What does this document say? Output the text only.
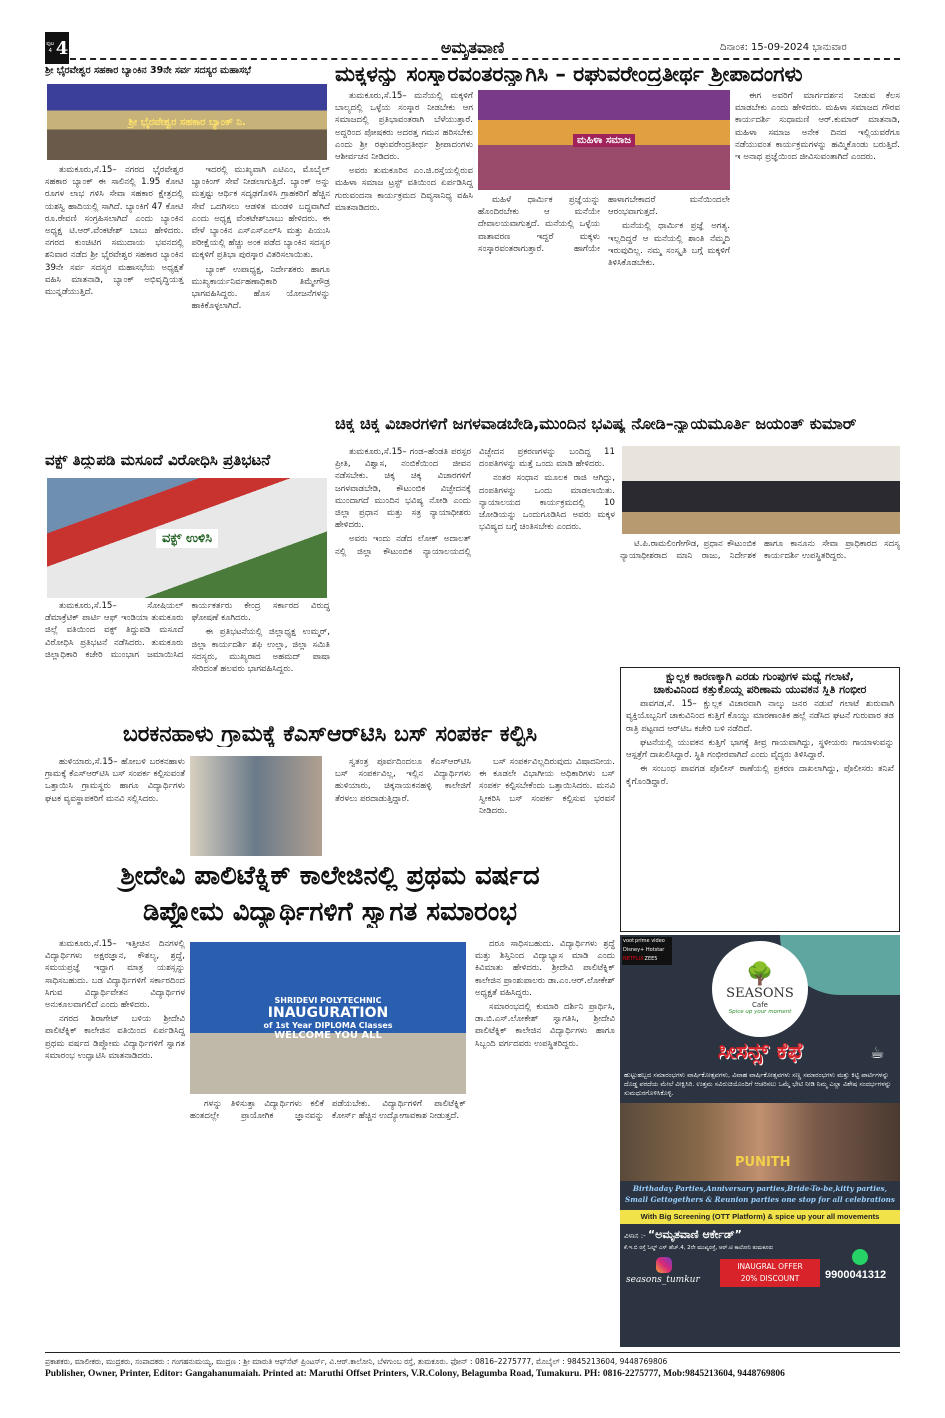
ಪುಟ 4 4	ಅಮೃತವಾಣಿ	ದಿನಾಂಕ: 15-09-2024 ಭಾನುವಾರ
ಶ್ರೀ ಭೈರವೇಶ್ವರ ಸಹಕಾರ ಬ್ಯಾಂಕಿನ 39ನೇ ಸರ್ವ ಸದಸ್ಯರ ಮಹಾಸಭೆ
ಶ್ರೀ ಭೈರವೇಶ್ವರ ಸಹಕಾರ ಬ್ಯಾಂಕ್ ನಿ.

ತುಮಕೂರು,ಸೆ.15– ನಗರದ ಭೈರವೇಶ್ವರ ಸಹಕಾರ ಬ್ಯಾಂಕ್ ಈ ಸಾಲಿನಲ್ಲಿ 1.95 ಕೋಟಿ ರೂಗಳ ಲಾಭ ಗಳಿಸಿ ಸೇವಾ ಸಹಕಾರ ಕ್ಷೇತ್ರದಲ್ಲಿ ಯಶಸ್ವಿ ಹಾದಿಯಲ್ಲಿ ಸಾಗಿದೆ. ಬ್ಯಾಂಕಿಗೆ 47 ಕೋಟಿ ರೂ.ಠೇವಣಿ ಸಂಗ್ರಹಿಸಲಾಗಿದೆ ಎಂದು ಬ್ಯಾಂಕಿನ ಅಧ್ಯಕ್ಷ ಟಿ.ಆರ್.ವೆಂಕಟೇಶ್ ಬಾಬು ಹೇಳಿದರು. ನಗರದ ಕುಂಚಿಟಿಗ ಸಮುದಾಯ ಭವನದಲ್ಲಿ ಶನಿವಾರ ನಡೆದ ಶ್ರೀ ಭೈರವೇಶ್ವರ ಸಹಕಾರ ಬ್ಯಾಂಕಿನ 39ನೇ ಸರ್ವ ಸದಸ್ಯರ ಮಹಾಸಭೆಯ ಅಧ್ಯಕ್ಷತೆ ವಹಿಸಿ ಮಾತನಾಡಿ, ಬ್ಯಾಂಕ್ ಅಭಿವೃದ್ಧಿಯತ್ತ ಮುನ್ನಡೆಯುತ್ತಿದೆ.

ಇದರಲ್ಲಿ ಮುಖ್ಯವಾಗಿ ಎಟಿಎಂ, ಮೊಬೈಲ್ ಬ್ಯಾಂಕಿಂಗ್ ಸೇವೆ ನೀಡಲಾಗುತ್ತಿದೆ. ಬ್ಯಾಂಕ್ ಅನ್ನು ಮತ್ತಷ್ಟು ಆರ್ಥಿಕ ಸದೃಢಗೊಳಿಸಿ ಗ್ರಾಹಕರಿಗೆ ಹೆಚ್ಚಿನ ಸೇವೆ ಒದಗಿಸಲು ಆಡಳಿತ ಮಂಡಳಿ ಬದ್ಧವಾಗಿದೆ ಎಂದು ಅಧ್ಯಕ್ಷ ವೆಂಕಟೇಶ್‌ಬಾಬು ಹೇಳಿದರು. ಈ ವೇಳೆ ಬ್ಯಾಂಕಿನ ಎಸ್‌ಎಸ್‌ಎಲ್‌ಸಿ ಮತ್ತು ಪಿಯುಸಿ ಪರೀಕ್ಷೆಯಲ್ಲಿ ಹೆಚ್ಚು ಅಂಕ ಪಡೆದ ಬ್ಯಾಂಕಿನ ಸದಸ್ಯರ ಮಕ್ಕಳಿಗೆ ಪ್ರತಿಭಾ ಪುರಸ್ಕಾರ ವಿತರಿಸಲಾಯಿತು.

ಬ್ಯಾಂಕ್ ಉಪಾಧ್ಯಕ್ಷ, ನಿರ್ದೇಶಕರು ಹಾಗೂ ಮುಖ್ಯಕಾರ್ಯನಿರ್ವಹಣಾಧಿಕಾರಿ ತಿಮ್ಮೇಗೌಡ್ರ ಭಾಗವಹಿಸಿದ್ದರು. ಹೊಸ ಯೋಜನೆಗಳನ್ನು ಹಾಕಿಕೊಳ್ಳಲಾಗಿದೆ.

ವಕ್ಫ್ ತಿದ್ದುಪಡಿ ಮಸೂದೆ ವಿರೋಧಿಸಿ ಪ್ರತಿಭಟನೆ
ವಕ್ಫ್ ಉಳಿಸಿ

ತುಮಕೂರು,ಸೆ.15– ಸೋಷಿಯಲ್ ಡೆಮಾಕ್ರೆಟಿಕ್ ಪಾರ್ಟಿ ಆಫ್ ಇಂಡಿಯಾ ತುಮಕೂರು ಜಿಲ್ಲೆ ವತಿಯಿಂದ ವಕ್ಫ್ ತಿದ್ದುಪಡಿ ಮಸೂದೆ ವಿರೋಧಿಸಿ ಪ್ರತಿಭಟನೆ ನಡೆಸಿದರು. ತುಮಕೂರು ಜಿಲ್ಲಾಧಿಕಾರಿ ಕಚೇರಿ ಮುಂಭಾಗ ಜಮಾಯಿಸಿದ ಕಾರ್ಯಕರ್ತರು ಕೇಂದ್ರ ಸರ್ಕಾರದ ವಿರುದ್ಧ ಘೋಷಣೆ ಕೂಗಿದರು.

ಈ ಪ್ರತಿಭಟನೆಯಲ್ಲಿ ಜಿಲ್ಲಾಧ್ಯಕ್ಷ ಉಮ್ಮರ್, ಜಿಲ್ಲಾ ಕಾರ್ಯದರ್ಶಿ ಶಫಿ ಉಲ್ಲಾ, ಜಿಲ್ಲಾ ಸಮಿತಿ ಸದಸ್ಯರು, ಮುಖ್ಯರಾದ ಅಹಮದ್ ಪಾಷಾ ಸೇರಿದಂತೆ ಹಲವರು ಭಾಗವಹಿಸಿದ್ದರು.

ಮಕ್ಕಳನ್ನು ಸಂಸ್ಕಾರವಂತರನ್ನಾಗಿಸಿ – ರಘುವರೇಂದ್ರತೀರ್ಥ ಶ್ರೀಪಾದಂಗಳು
ಮಹಿಳಾ ಸಮಾಜ

ತುಮಕೂರು,ಸೆ.15– ಮನೆಯಲ್ಲಿ ಮಕ್ಕಳಿಗೆ ಬಾಲ್ಯದಲ್ಲಿ ಒಳ್ಳೆಯ ಸಂಸ್ಕಾರ ನೀಡಬೇಕು ಆಗ ಸಮಾಜದಲ್ಲಿ ಪ್ರತಿಭಾವಂತರಾಗಿ ಬೆಳೆಯುತ್ತಾರೆ. ಅದ್ದರಿಂದ ಪೋಷಕರು ಅದರತ್ತ ಗಮನ ಹರಿಸಬೇಕು ಎಂದು ಶ್ರೀ ರಘುವರೇಂದ್ರತೀರ್ಥ ಶ್ರೀಪಾದಂಗಳು ಆಶೀರ್ವಚನ ನೀಡಿದರು.

ಅವರು ತುಮಕೂರಿನ ಎಂ.ಜಿ.ರಸ್ತೆಯಲ್ಲಿರುವ ಮಹಿಳಾ ಸಮಾಜ ಟ್ರಸ್ಟ್ ವತಿಯಿಂದ ಏರ್ಪಡಿಸಿದ್ದ ಗುರುವಂದನಾ ಕಾರ್ಯಕ್ರಮದ ದಿವ್ಯಸಾನಿಧ್ಯ ವಹಿಸಿ ಮಾತನಾಡಿದರು.

ಮಹಿಳೆ ಧಾರ್ಮಿಕ ಪ್ರಜ್ಞೆಯನ್ನು ಹೊಂದಿರಬೇಕು ಆ ಮನೆಯೇ ದೇವಾಲಯವಾಗುತ್ತದೆ. ಮನೆಯಲ್ಲಿ ಒಳ್ಳೆಯ ವಾತಾವರಣ ಇದ್ದರೆ ಮಕ್ಕಳು ಸಂಸ್ಕಾರವಂತರಾಗುತ್ತಾರೆ. ಹಾಗೆಯೇ ಹಾಳಾಗಬೇಕಾದರೆ ಮನೆಯಿಂದಲೇ ಆರಂಭವಾಗುತ್ತದೆ.

ಮನೆಯಲ್ಲಿ ಧಾರ್ಮಿಕ ಪ್ರಜ್ಞೆ ಅಗತ್ಯ. ಇಲ್ಲದಿದ್ದರೆ ಆ ಮನೆಯಲ್ಲಿ ಶಾಂತಿ ನೆಮ್ಮದಿ ಇರುವುದಿಲ್ಲ. ನಮ್ಮ ಸಂಸ್ಕೃತಿ ಬಗ್ಗೆ ಮಕ್ಕಳಿಗೆ ತಿಳಿಸಿಕೊಡಬೇಕು.

ಈಗ ಅವರಿಗೆ ಮಾರ್ಗದರ್ಶನ ನೀಡುವ ಕೆಲಸ ಮಾಡಬೇಕು ಎಂದು ಹೇಳಿದರು. ಮಹಿಳಾ ಸಮಾಜದ ಗೌರವ ಕಾರ್ಯದರ್ಶಿ ಸುಧಾಮಣಿ ಆರ್.ಕುಮಾರ್ ಮಾತನಾಡಿ, ಮಹಿಳಾ ಸಮಾಜ ಅನೇಕ ದಿನದ ಇಲ್ಲಿಯವರೆಗೂ ನಡೆಯುವಂತ ಕಾರ್ಯಕ್ರಮಗಳನ್ನು ಹಮ್ಮಿಕೊಂಡು ಬರುತ್ತಿದೆ. ಇ ಅನಾಥ ಪ್ರಜ್ಞೆಯಿಂದ ಜೀವಿಸುವಂತಾಗಿದೆ ಎಂದರು.

ಚಿಕ್ಕ ಚಿಕ್ಕ ವಿಚಾರಗಳಿಗೆ ಜಗಳವಾಡಬೇಡಿ,ಮುಂದಿನ ಭವಿಷ್ಯ ನೋಡಿ–ನ್ಯಾಯಮೂರ್ತಿ ಜಯಂತ್ ಕುಮಾರ್

ತುಮಕೂರು,ಸೆ.15– ಗಂಡ–ಹೆಂಡತಿ ಪರಸ್ಪರ ಪ್ರೀತಿ, ವಿಶ್ವಾಸ, ನಂಬಿಕೆಯಿಂದ ಜೀವನ ನಡೆಸಬೇಕು. ಚಿಕ್ಕ ಚಿಕ್ಕ ವಿಚಾರಗಳಿಗೆ ಜಗಳವಾಡಬೇಡಿ, ಕೌಟುಂಬಿಕ ವಿಚ್ಛೇದನಕ್ಕೆ ಮುಂದಾಗದೆ ಮುಂದಿನ ಭವಿಷ್ಯ ನೋಡಿ ಎಂದು ಜಿಲ್ಲಾ ಪ್ರಧಾನ ಮತ್ತು ಸತ್ರ ನ್ಯಾಯಾಧೀಶರು ಹೇಳಿದರು.

ಅವರು ಇಂದು ನಡೆದ ಲೋಕ್ ಅದಾಲತ್ ನಲ್ಲಿ ಜಿಲ್ಲಾ ಕೌಟುಂಬಿಕ ನ್ಯಾಯಾಲಯದಲ್ಲಿ ವಿಚ್ಛೇದನ ಪ್ರಕರಣಗಳನ್ನು ಬಂದಿದ್ದ 11 ದಂಪತಿಗಳನ್ನು ಮತ್ತೆ ಒಂದು ಮಾಡಿ ಹೇಳಿದರು.

ನಂತರ ಸಂಧಾನ ಮೂಲಕ ರಾಜಿ ಆಗಿದ್ದು, ದಂಪತಿಗಳನ್ನು ಒಂದು ಮಾಡಲಾಯಿತು. ನ್ಯಾಯಾಲಯದ ಕಾರ್ಯಕ್ರಮದಲ್ಲಿ 10 ಜೋಡಿಯನ್ನು ಒಂದುಗೂಡಿಸಿದ ಅವರು ಮಕ್ಕಳ ಭವಿಷ್ಯದ ಬಗ್ಗೆ ಚಿಂತಿಸಬೇಕು ಎಂದರು.

ಟಿ.ಪಿ.ರಾಮಲಿಂಗೇಗೌಡ, ಪ್ರಧಾನ ಕೌಟುಂಬಿಕ ನ್ಯಾಯಾಧೀಶರಾದ ಮಾನಿ ರಾಜು, ನಿರ್ದೇಶಕ ಹಾಗೂ ಕಾನೂನು ಸೇವಾ ಪ್ರಾಧಿಕಾರದ ಸದಸ್ಯ ಕಾರ್ಯದರ್ಶಿ ಉಪಸ್ಥಿತರಿದ್ದರು.

ಕ್ಷುಲ್ಲಕ ಕಾರಣಕ್ಕಾಗಿ ಎರಡು ಗುಂಪುಗಳ ಮಧ್ಯೆ ಗಲಾಟೆ,
ಚಾಕುವಿನಿಂದ ಕತ್ತುಕೊಯ್ದ ಪರಿಣಾಮ ಯುವಕನ ಸ್ಥಿತಿ ಗಂಭೀರ

ಪಾವಗಡ,ಸೆ. 15– ಕ್ಷುಲ್ಲಕ ವಿಚಾರವಾಗಿ ನಾಲ್ಕು ಜನರ ನಡುವೆ ಗಲಾಟೆ ಶುರುವಾಗಿ ವ್ಯಕ್ತಿಯೊಬ್ಬನಿಗೆ ಚಾಕುವಿನಿಂದ ಕುತ್ತಿಗೆ ಕೊಯ್ದು ಮಾರಣಾಂತಿಕ ಹಲ್ಲೆ ನಡೆಸಿದ ಘಟನೆ ಗುರುವಾರ ತಡ ರಾತ್ರಿ ಪಟ್ಟಣದ ಆರ್‌ಟಿಒ ಕಚೇರಿ ಬಳಿ ನಡೆದಿದೆ.

ಘಟನೆಯಲ್ಲಿ ಯುವಕನ ಕುತ್ತಿಗೆ ಭಾಗಕ್ಕೆ ತೀವ್ರ ಗಾಯವಾಗಿದ್ದು, ಸ್ಥಳೀಯರು ಗಾಯಾಳುವನ್ನು ಆಸ್ಪತ್ರೆಗೆ ದಾಖಲಿಸಿದ್ದಾರೆ. ಸ್ಥಿತಿ ಗಂಭೀರವಾಗಿದೆ ಎಂದು ವೈದ್ಯರು ತಿಳಿಸಿದ್ದಾರೆ.

ಈ ಸಂಬಂಧ ಪಾವಗಡ ಪೊಲೀಸ್ ಠಾಣೆಯಲ್ಲಿ ಪ್ರಕರಣ ದಾಖಲಾಗಿದ್ದು, ಪೊಲೀಸರು ತನಿಖೆ ಕೈಗೊಂಡಿದ್ದಾರೆ.

ಬರಕನಹಾಳು ಗ್ರಾಮಕ್ಕೆ ಕೆಎಸ್‌ಆರ್‌ಟಿಸಿ ಬಸ್ ಸಂಪರ್ಕ ಕಲ್ಪಿಸಿ

ಹುಳಿಯಾರು,ಸೆ.15– ಹೋಬಳಿ ಬರಕನಹಾಳು ಗ್ರಾಮಕ್ಕೆ ಕೆಎಸ್‌ಆರ್‌ಟಿಸಿ ಬಸ್ ಸಂಪರ್ಕ ಕಲ್ಪಿಸುವಂತೆ ಒತ್ತಾಯಿಸಿ ಗ್ರಾಮಸ್ಥರು ಹಾಗೂ ವಿದ್ಯಾರ್ಥಿಗಳು ಘಟಕ ವ್ಯವಸ್ಥಾಪಕರಿಗೆ ಮನವಿ ಸಲ್ಲಿಸಿದರು.

ಸ್ವತಂತ್ರ ಪೂರ್ವದಿಂದಲೂ ಕೆಎಸ್‌ಆರ್‌ಟಿಸಿ ಬಸ್ ಸಂಪರ್ಕವಿಲ್ಲ, ಇಲ್ಲಿನ ವಿದ್ಯಾರ್ಥಿಗಳು ಹುಳಿಯಾರು, ಚಿಕ್ಕನಾಯಕನಹಳ್ಳಿ ಕಾಲೇಜಿಗೆ ತೆರಳಲು ಪರದಾಡುತ್ತಿದ್ದಾರೆ.

ಬಸ್ ಸಂಪರ್ಕವಿಲ್ಲದಿರುವುದು ವಿಷಾದನೀಯ. ಈ ಕೂಡಲೇ ವಿಭಾಗೀಯ ಅಧಿಕಾರಿಗಳು ಬಸ್ ಸಂಪರ್ಕ ಕಲ್ಪಿಸಬೇಕೆಂದು ಒತ್ತಾಯಿಸಿದರು. ಮನವಿ ಸ್ವೀಕರಿಸಿ ಬಸ್ ಸಂಪರ್ಕ ಕಲ್ಪಿಸುವ ಭರವಸೆ ನೀಡಿದರು.

ಶ್ರೀದೇವಿ ಪಾಲಿಟೆಕ್ನಿಕ್ ಕಾಲೇಜಿನಲ್ಲಿ ಪ್ರಥಮ ವರ್ಷದ
ಡಿಪ್ಲೋಮ ವಿದ್ಯಾರ್ಥಿಗಳಿಗೆ ಸ್ವಾಗತ ಸಮಾರಂಭ

ತುಮಕೂರು,ಸೆ.15– ಇತ್ತೀಚಿನ ದಿನಗಳಲ್ಲಿ ವಿದ್ಯಾರ್ಥಿಗಳು ಅಕ್ಷರಜ್ಞಾನ, ಕೌಶಲ್ಯ, ಶ್ರದ್ಧೆ, ಸಮಯಪ್ರಜ್ಞೆ ಇದ್ದಾಗ ಮಾತ್ರ ಯಶಸ್ಸನ್ನು ಸಾಧಿಸಬಹುದು. ಬಡ ವಿದ್ಯಾರ್ಥಿಗಳಿಗೆ ಸರ್ಕಾರದಿಂದ ಸಿಗುವ ವಿದ್ಯಾರ್ಥಿವೇತನ ವಿದ್ಯಾರ್ಥಿಗಳ ಅನುಕೂಲವಾಗಲಿದೆ ಎಂದು ಹೇಳಿದರು.

ನಗರದ ಶಿರಾಗೇಟ್ ಬಳಿಯ ಶ್ರೀದೇವಿ ಪಾಲಿಟೆಕ್ನಿಕ್ ಕಾಲೇಜಿನ ವತಿಯಿಂದ ಏರ್ಪಡಿಸಿದ್ದ ಪ್ರಥಮ ವರ್ಷದ ಡಿಪ್ಲೋಮ ವಿದ್ಯಾರ್ಥಿಗಳಿಗೆ ಸ್ವಾಗತ ಸಮಾರಂಭ ಉದ್ಘಾಟಿಸಿ ಮಾತನಾಡಿದರು.

SHRIDEVI POLYTECHNIC
INAUGURATION
of 1st Year DIPLOMA Classes
WELCOME YOU ALL

ಗಳನ್ನು ತಿಳಿಸುತ್ತಾ ವಿದ್ಯಾರ್ಥಿಗಳು ಕಲಿಕೆ ಹಂತದಲ್ಲೇ ಪ್ರಾಯೋಗಿಕ ಜ್ಞಾನವನ್ನು ಪಡೆಯಬೇಕು. ವಿದ್ಯಾರ್ಥಿಗಳಿಗೆ ಪಾಲಿಟೆಕ್ನಿಕ್ ಕೋರ್ಸ್ ಹೆಚ್ಚಿನ ಉದ್ಯೋಗಾವಕಾಶ ನೀಡುತ್ತದೆ.

ದರೂ ಸಾಧಿಸಬಹುದು. ವಿದ್ಯಾರ್ಥಿಗಳು ಶ್ರದ್ಧೆ ಮತ್ತು ಶಿಸ್ತಿನಿಂದ ವಿದ್ಯಾಭ್ಯಾಸ ಮಾಡಿ ಎಂದು ಕಿವಿಮಾತು ಹೇಳಿದರು. ಶ್ರೀದೇವಿ ಪಾಲಿಟೆಕ್ನಿಕ್ ಕಾಲೇಜಿನ ಪ್ರಾಂಶುಪಾಲರು ಡಾ.ಎಂ.ಆರ್.ಲೋಕೇಶ್ ಅಧ್ಯಕ್ಷತೆ ವಹಿಸಿದ್ದರು.

ಸಮಾರಂಭದಲ್ಲಿ ಕುಮಾರಿ ದರ್ಶಿನಿ ಪ್ರಾರ್ಥಿಸಿ, ಡಾ.ಬಿ.ಎಸ್.ಲೋಕೇಶ್ ಸ್ವಾಗತಿಸಿ, ಶ್ರೀದೇವಿ ಪಾಲಿಟೆಕ್ನಿಕ್ ಕಾಲೇಜಿನ ವಿದ್ಯಾರ್ಥಿಗಳು ಹಾಗೂ ಸಿಬ್ಬಂದಿ ವರ್ಗದವರು ಉಪಸ್ಥಿತರಿದ್ದರು.

voot prime video
Disney+ Hotstar
NETFLIX ZEE5
🌳
SEASONS
Cafe
Spice up your moment
ಸೀಸನ್ಸ್ ಕೆಫೆ	☕
ಹುಟ್ಟುಹಬ್ಬದ ಸಮಾರಂಭಗಳು ವಾರ್ಷಿಕೋತ್ಸವಗಳು, ವಿವಾಹ ವಾರ್ಷಿಕೋತ್ಸವಗಳು ಸಣ್ಣ ಸಮಾರಂಭಗಳು ಮತ್ತು ಕಿಟ್ಟಿ ಪಾರ್ಟಿಗಳನ್ನು ದೊಡ್ಡ ಪರದೆಯ ಮೇಲೆ ವೀಕ್ಷಿಸಿರಿ. ಉತ್ತಮ ಸವಿರುಚಿಯೊಂದಿಗೆ ಆಚರಿಸಲು ಒಮ್ಮೆ ಭೇಟಿ ನೀಡಿ ನಿಮ್ಮ ಎಲ್ಲಾ ವಿಶೇಷ ಸಂದರ್ಭಗಳನ್ನು ಸುಮಧುರಗೊಳಿಸಿಕೊಳ್ಳಿ.
PUNITH
Birthaday Parties,Anniversary parties,Bride-To-be,kitty parties,
Small Gettogethers & Reunion parties one stop for all celebrations
With Big Screening (OTT Platform) & spice up your all movements
ವಿಳಾಸ :- “ಅಮೃತವಾಣಿ ಆರ್ಕೇಡ್”
ಕೆ.ಇ.ಬಿ ರಸ್ತೆ ಓಲ್ಡ್ ಎಸ್ ಹೆಚ್.4, 2ನೇ ಮುಖ್ಯರಸ್ತೆ, ಆರ್.ಟಿ ಕಾಲೋನಿ ತುಮಕೂರು
seasons_tumkur
INAUGRAL OFFER
20% DISCOUNT	9900041312
ಪ್ರಕಾಶಕರು, ಮಾಲೀಕರು, ಮುದ್ರಕರು, ಸಂಪಾದಕರು : ಗಂಗಹನುಮಯ್ಯ, ಮುದ್ರಣ : ಶ್ರೀ ಮಾರುತಿ ಆಫ್‌ಸೆಟ್ ಪ್ರಿಂಟರ್ಸ್, ವಿ.ಆರ್.ಕಾಲೋನಿ, ಬೆಳಗುಂಬ ರಸ್ತೆ, ತುಮಕೂರು. ಫೋನ್ : 0816–2275777, ಮೊಬೈಲ್ : 9845213604, 9448769806
Publisher, Owner, Printer, Editor: Gangahanumaiah. Printed at: Maruthi Offset Printers, V.R.Colony, Belagumba Road, Tumakuru. PH: 0816-2275777, Mob:9845213604, 9448769806
